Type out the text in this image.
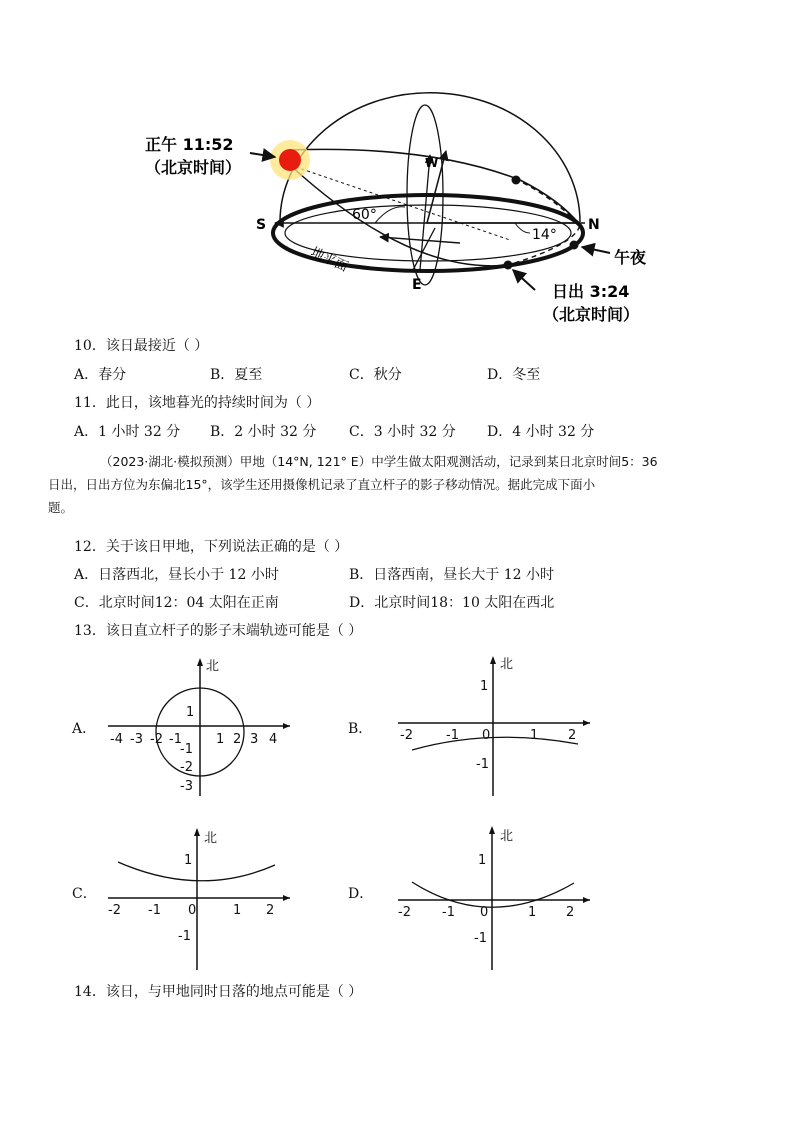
正午 11:52
（北京时间）
日出 3:24
（北京时间）
午夜
地平面
60°
14°
S	N
W
E
10．该日最接近（ ）
A．春分	B．夏至	C．秋分	D．冬至
11．此日，该地暮光的持续时间为（ ）
A．1 小时 32 分 B．2 小时 32 分 C．3 小时 32 分 D．4 小时 32 分
（2023·湖北·模拟预测）甲地（14°N, 121° E）中学生做太阳观测活动，记录到某日北京时间5：36
日出，日出方位为东偏北15°，该学生还用摄像机记录了直立杆子的影子移动情况。据此完成下面小
题。
12．关于该日甲地，下列说法正确的是（ ）
A．日落西北，昼长小于 12 小时	B．日落西南，昼长大于 12 小时
C．北京时间12：04 太阳在正南	D．北京时间18：10 太阳在西北
13．该日直立杆子的影子末端轨迹可能是（ ）
A．	B．
C．	D．
北
-4 -3 -2 -1	1 2 3 4
1
-1
-2
-3
北
-2	-1 0	1 2
1
-1
北
-2 -1 0	1 2
1
-1
北
-2 -1 0	1 2
1
-1
14．该日，与甲地同时日落的地点可能是（ ）
